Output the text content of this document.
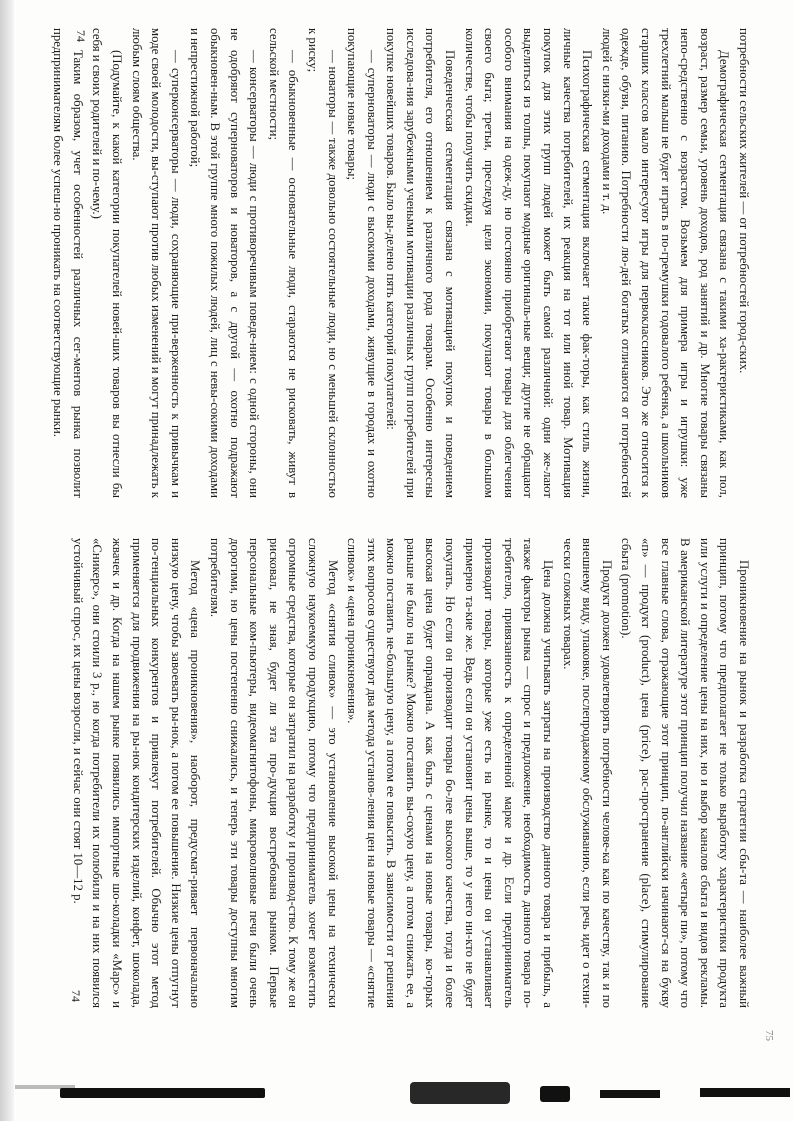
потребности сельских жителей — от потребностей город-ских.

Демографическая сегментация связана с такими ха-рактеристиками, как пол, возраст, размер семьи, уровень доходов, род занятий и др. Многие товары связаны непо-средственно с возрастом. Возьмем для примера игры и игрушки: уже трехлетний малыш не будет играть в по-гремушки годовалого ребенка, а школьников старших классов мало интересуют игры для первоклассников. Это же относится к одежде, обуви, питанию. Потребности лю-дей богатых отличаются от потребностей людей с низки-ми доходами и т. д.

Психографическая сегментация включает такие фак-торы, как стиль жизни, личные качества потребителей, их реакция на тот или иной товар. Мотивация покупок для этих групп людей может быть самой различной: одни же-лают выделиться из толпы, покупают модные оригиналь-ные вещи; другие не обращают особого внимания на одеж-ду, но постоянно приобретают товары для облегчения своего быта; третьи, преследуя цели экономии, покупают товары в большом количестве, чтобы получить скидки.

Поведенческая сегментация связана с мотивацией покупок и поведением потребителя, его отношением к различного рода товарам. Особенно интересны исследова-ния зарубежными учеными мотивации различных групп потребителей при покупке новейших товаров. Было вы-делено пять категорий покупателей:

— суперноваторы — люди с высокими доходами, живущие в городах и охотно покупающие новые товары;

— новаторы — также довольно состоятельные люди, но с меньшей склонностью к риску;

— обыкновенные — основательные люди, стараются не рисковать, живут в сельской местности;

— консерваторы — люди с противоречивым поведе-нием: с одной стороны, они не одобряют суперноваторов и новаторов, а с другой — охотно подражают обыкновен-ным. В этой группе много пожилых людей, лиц с невы-сокими доходами и непрестижной работой;

— суперконсерваторы — люди, сохраняющие при-верженность к привычкам и моде своей молодости, вы-ступают против любых изменений и могут принадлежать к любым слоям общества.

(Подумайте, к какой категории покупателей новей-ших товаров вы отнесли бы себя и своих родителей и по-чему.)

Таким образом, учет особенностей различных сег-ментов рынка позволит предпринимателям более успеш-но проникать на соответствующие рынки. 74

Проникновение на рынок и разработка стратегии сбы-та — наиболее важный принцип, потому что предполагает не только выработку характеристики продукта или услуги и определение цены на них, но и выбор каналов сбыта и видов рекламы. В американской литературе этот принцип получил название «четыре пи», потому что все главные слова, отражающие этот принцип, по-английски начинают-ся на букву «п» — продукт (product), цена (price), рас-пространение (place), стимулирование сбыта (promotion).

Продукт должен удовлетворять потребности челове-ка как по качеству, так и по внешнему виду, упаковке, послепродажному обслуживанию, если речь идет о техни-чески сложных товарах.

Цена должна учитывать затраты на производство данного товара и прибыль, а также факторы рынка — спрос и предложение, необходимость данного товара по-требителю, привязанность к определенной марке и др. Если предприниматель производит товары, которые уже есть на рынке, то и цены он устанавливает примерно та-кие же. Ведь если он установит цены выше, то у него ни-кто не будет покупать. Но если он производит товары бо-лее высокого качества, тогда и более высокая цена будет оправдана. А как быть с ценами на новые товары, ко-торых раньше не было на рынке? Можно поставить вы-сокую цену, а потом снижать ее, а можно поставить не-большую цену, а потом ее повысить. В зависимости от решения этих вопросов существуют два метода установ-ления цен на новые товары — «снятие сливок» и «цена проникновения».

Метод «снятия сливок» — это установление высокой цены на технически сложную наукоемкую продукцию, потому что предприниматель хочет возместить огромные средства, которые он затратил на разработку и производ-ство. К тому же он рисковал, не зная, будет ли эта про-дукция востребована рынком. Первые персональные ком-пьютеры, видеомагнитофоны, микроволновые печи были очень дорогими, но цены постепенно снижались, и теперь эти товары доступны многим потребителям.

Метод «цена проникновения», наоборот, предусмат-ривает первоначально низкую цену, чтобы завоевать ры-нок, а потом ее повышение. Низкие цены отпугнут по-тенциальных конкурентов и привлекут потребителей. Обычно этот метод применяется для продвижения на ры-нок кондитерских изделий, конфет, шоколада, жвачек и др. Когда на нашем рынке появились импортные шо-коладки «Марс» и «Сникерс», они стоили 3 р., но когда потребители их полюбили и на них появился устойчивый спрос, их цены возросли, и сейчас они стоят 10—12 р.

74
75
